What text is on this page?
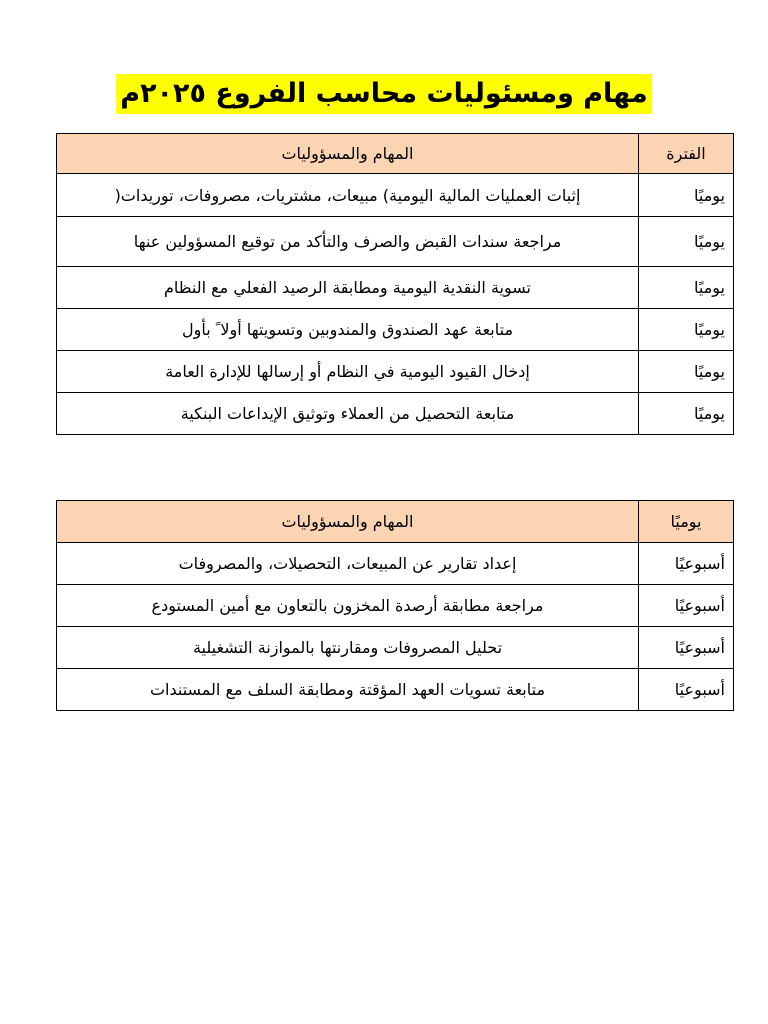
مهام ومسئوليات محاسب الفروع ٢٠٢٥م
الفترة	المهام والمسؤوليات
يوميًا	إثبات العمليات المالية اليومية) مبيعات، مشتريات، مصروفات، توريدات(
يوميًا	مراجعة سندات القبض والصرف والتأكد من توقيع المسؤولين عنها
يوميًا	تسوية النقدية اليومية ومطابقة الرصيد الفعلي مع النظام
يوميًا	متابعة عهد الصندوق والمندوبين وتسويتها أولا ً بأول
يوميًا	إدخال القيود اليومية في النظام أو إرسالها للإدارة العامة
يوميًا	متابعة التحصيل من العملاء وتوثيق الإيداعات البنكية
يوميًا	المهام والمسؤوليات
أسبوعيًا	إعداد تقارير عن المبيعات، التحصيلات، والمصروفات
أسبوعيًا	مراجعة مطابقة أرصدة المخزون بالتعاون مع أمين المستودع
أسبوعيًا	تحليل المصروفات ومقارنتها بالموازنة التشغيلية
أسبوعيًا	متابعة تسويات العهد المؤقتة ومطابقة السلف مع المستندات
